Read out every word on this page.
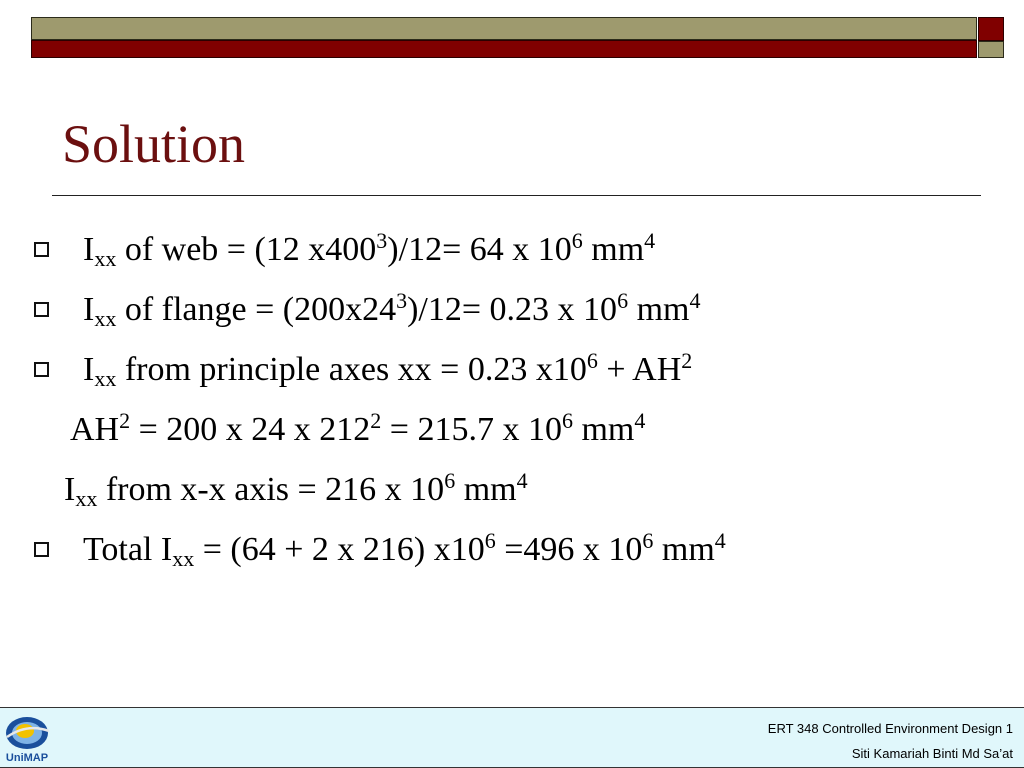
Solution
$I_{xx}$ of web = (12 $x400^3)/12= 64$ x $10^6$ $mm^4$
$I_{xx}$ of flange = $(200x24^3)/12= 0.23$ x $10^6$ $mm^4$
$I_{xx}$ from principle axes xx = 0.23 $x10^6 + AH^2$
$AH^2 = 200$ x 24 x $212^2 = 215.7$ x $10^6$ $mm^4$
$I_{xx}$ from x-x axis = 216 x $10^6$ $mm^4$
Total $I_{xx} = (64 + 2$ x 216) $x10^6 =496$ x $10^6$ $mm^4$
UniMAP
ERT 348 Controlled Environment Design 1
Siti Kamariah Binti Md Sa’at
